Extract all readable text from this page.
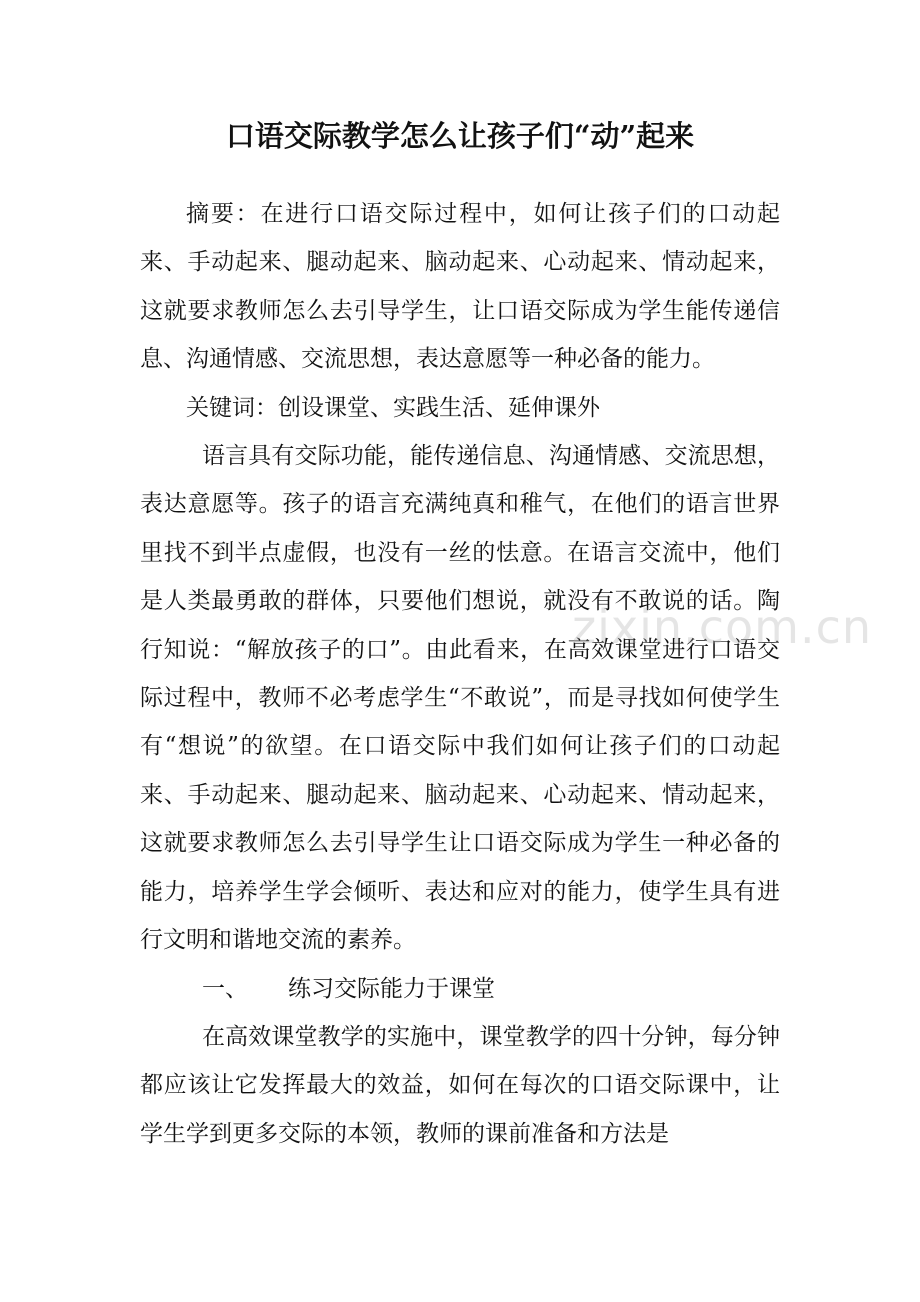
口语交际教学怎么让孩子们“动”起来

摘要：在进行口语交际过程中，如何让孩子们的口动起来、手动起来、腿动起来、脑动起来、心动起来、情动起来，这就要求教师怎么去引导学生，让口语交际成为学生能传递信息、沟通情感、交流思想，表达意愿等一种必备的能力。

关键词：创设课堂、实践生活、延伸课外

语言具有交际功能，能传递信息、沟通情感、交流思想，表达意愿等。孩子的语言充满纯真和稚气，在他们的语言世界里找不到半点虚假，也没有一丝的怯意。在语言交流中，他们是人类最勇敢的群体，只要他们想说，就没有不敢说的话。陶行知说：“解放孩子的口”。由此看来，在高效课堂进行口语交际过程中，教师不必考虑学生“不敢说”，而是寻找如何使学生有“想说”的欲望。在口语交际中我们如何让孩子们的口动起来、手动起来、腿动起来、脑动起来、心动起来、情动起来，这就要求教师怎么去引导学生让口语交际成为学生一种必备的能力，培养学生学会倾听、表达和应对的能力，使学生具有进行文明和谐地交流的素养。

一、 练习交际能力于课堂

在高效课堂教学的实施中，课堂教学的四十分钟，每分钟都应该让它发挥最大的效益，如何在每次的口语交际课中，让学生学到更多交际的本领，教师的课前准备和方法是

zixin.com.cn
